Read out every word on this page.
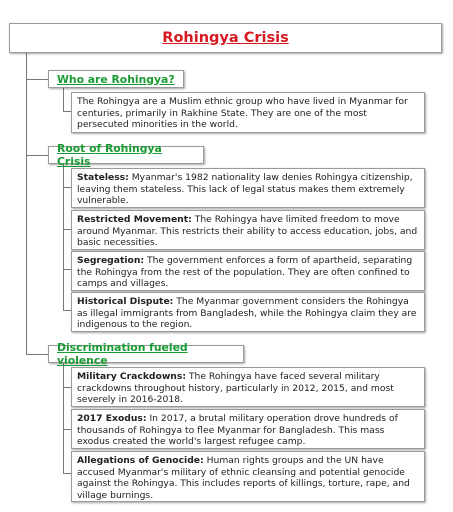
Rohingya Crisis
Who are Rohingya?
The Rohingya are a Muslim ethnic group who have lived in Myanmar for centuries, primarily in Rakhine State. They are one of the most persecuted minorities in the world.
Root of Rohingya Crisis
Stateless: Myanmar's 1982 nationality law denies Rohingya citizenship, leaving them stateless. This lack of legal status makes them extremely vulnerable.
Restricted Movement: The Rohingya have limited freedom to move around Myanmar. This restricts their ability to access education, jobs, and basic necessities.
Segregation: The government enforces a form of apartheid, separating the Rohingya from the rest of the population. They are often confined to camps and villages.
Historical Dispute: The Myanmar government considers the Rohingya as illegal immigrants from Bangladesh, while the Rohingya claim they are indigenous to the region.
Discrimination fueled violence
Military Crackdowns: The Rohingya have faced several military crackdowns throughout history, particularly in 2012, 2015, and most severely in 2016-2018.
2017 Exodus: In 2017, a brutal military operation drove hundreds of thousands of Rohingya to flee Myanmar for Bangladesh. This mass exodus created the world's largest refugee camp.
Allegations of Genocide: Human rights groups and the UN have accused Myanmar's military of ethnic cleansing and potential genocide against the Rohingya. This includes reports of killings, torture, rape, and village burnings.
